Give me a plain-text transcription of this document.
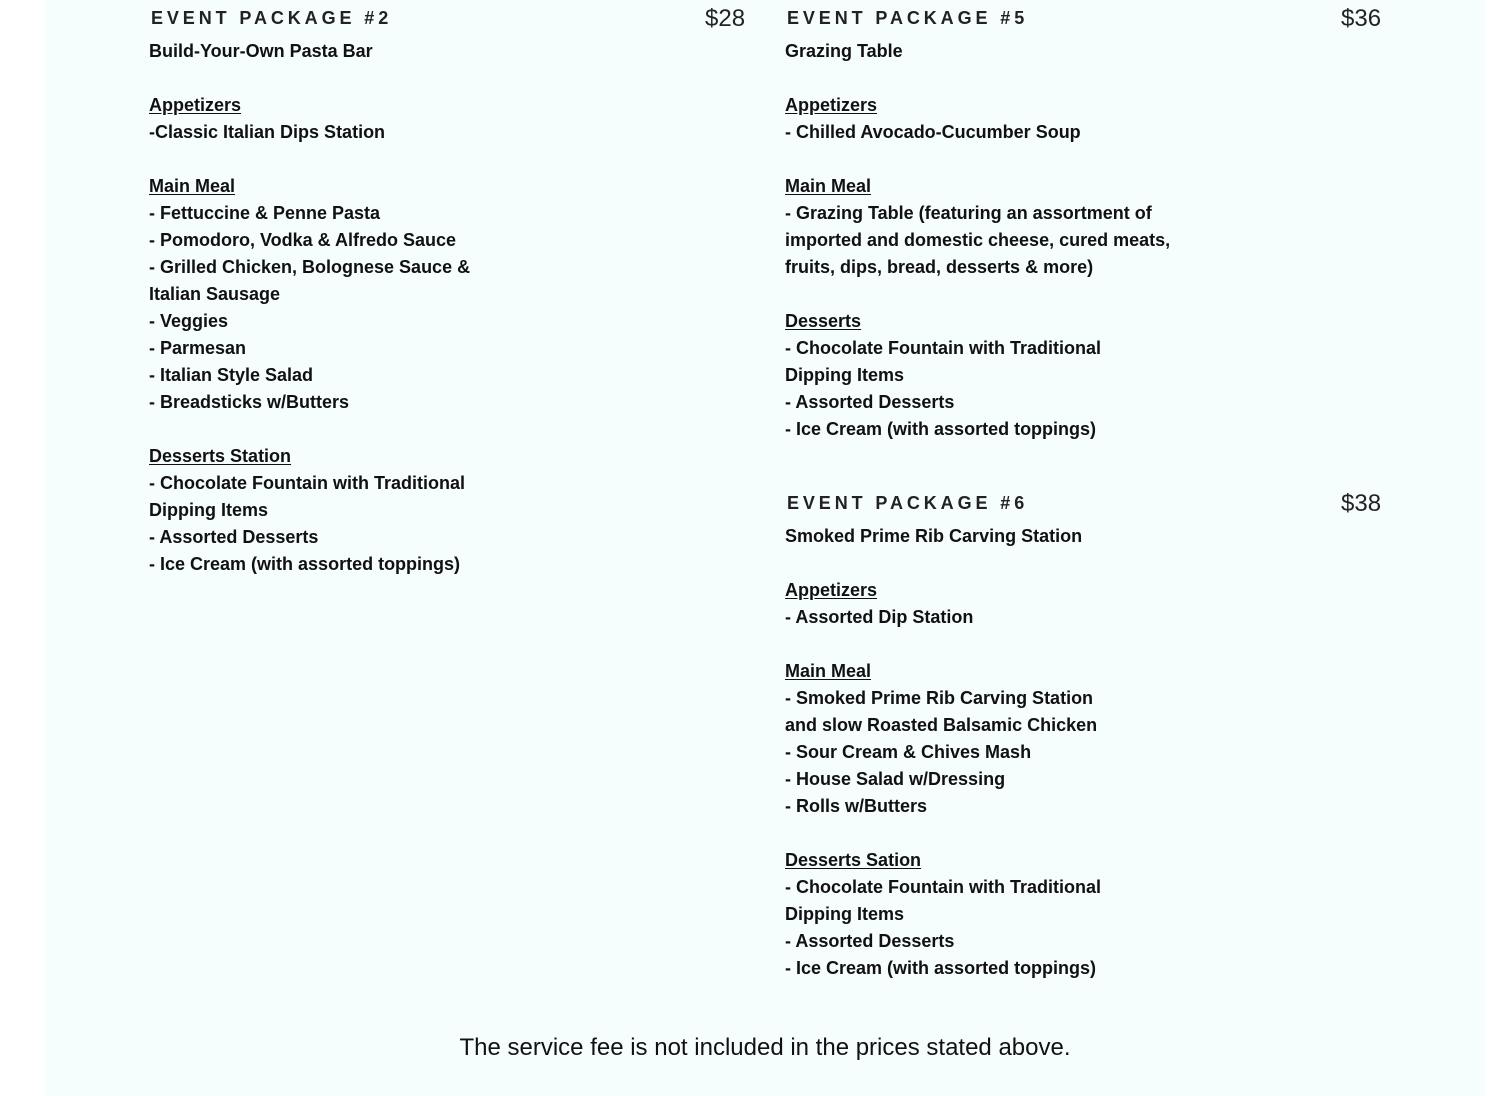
EVENT PACKAGE #2	$28
Build-Your-Own Pasta Bar
Appetizers
-Classic Italian Dips Station
Main Meal
- Fettuccine & Penne Pasta
- Pomodoro, Vodka & Alfredo Sauce
- Grilled Chicken, Bolognese Sauce &
Italian Sausage
- Veggies
- Parmesan
- Italian Style Salad
- Breadsticks w/Butters
Desserts Station
- Chocolate Fountain with Traditional
Dipping Items
- Assorted Desserts
- Ice Cream (with assorted toppings)
EVENT PACKAGE #5	$36
Grazing Table
Appetizers
- Chilled Avocado-Cucumber Soup
Main Meal
- Grazing Table (featuring an assortment of
imported and domestic cheese, cured meats,
fruits, dips, bread, desserts & more)
Desserts
- Chocolate Fountain with Traditional
Dipping Items
- Assorted Desserts
- Ice Cream (with assorted toppings)
EVENT PACKAGE #6	$38
Smoked Prime Rib Carving Station
Appetizers
- Assorted Dip Station
Main Meal
- Smoked Prime Rib Carving Station
and slow Roasted Balsamic Chicken
- Sour Cream & Chives Mash
- House Salad w/Dressing
- Rolls w/Butters
Desserts Sation
- Chocolate Fountain with Traditional
Dipping Items
- Assorted Desserts
- Ice Cream (with assorted toppings)
The service fee is not included in the prices stated above.
